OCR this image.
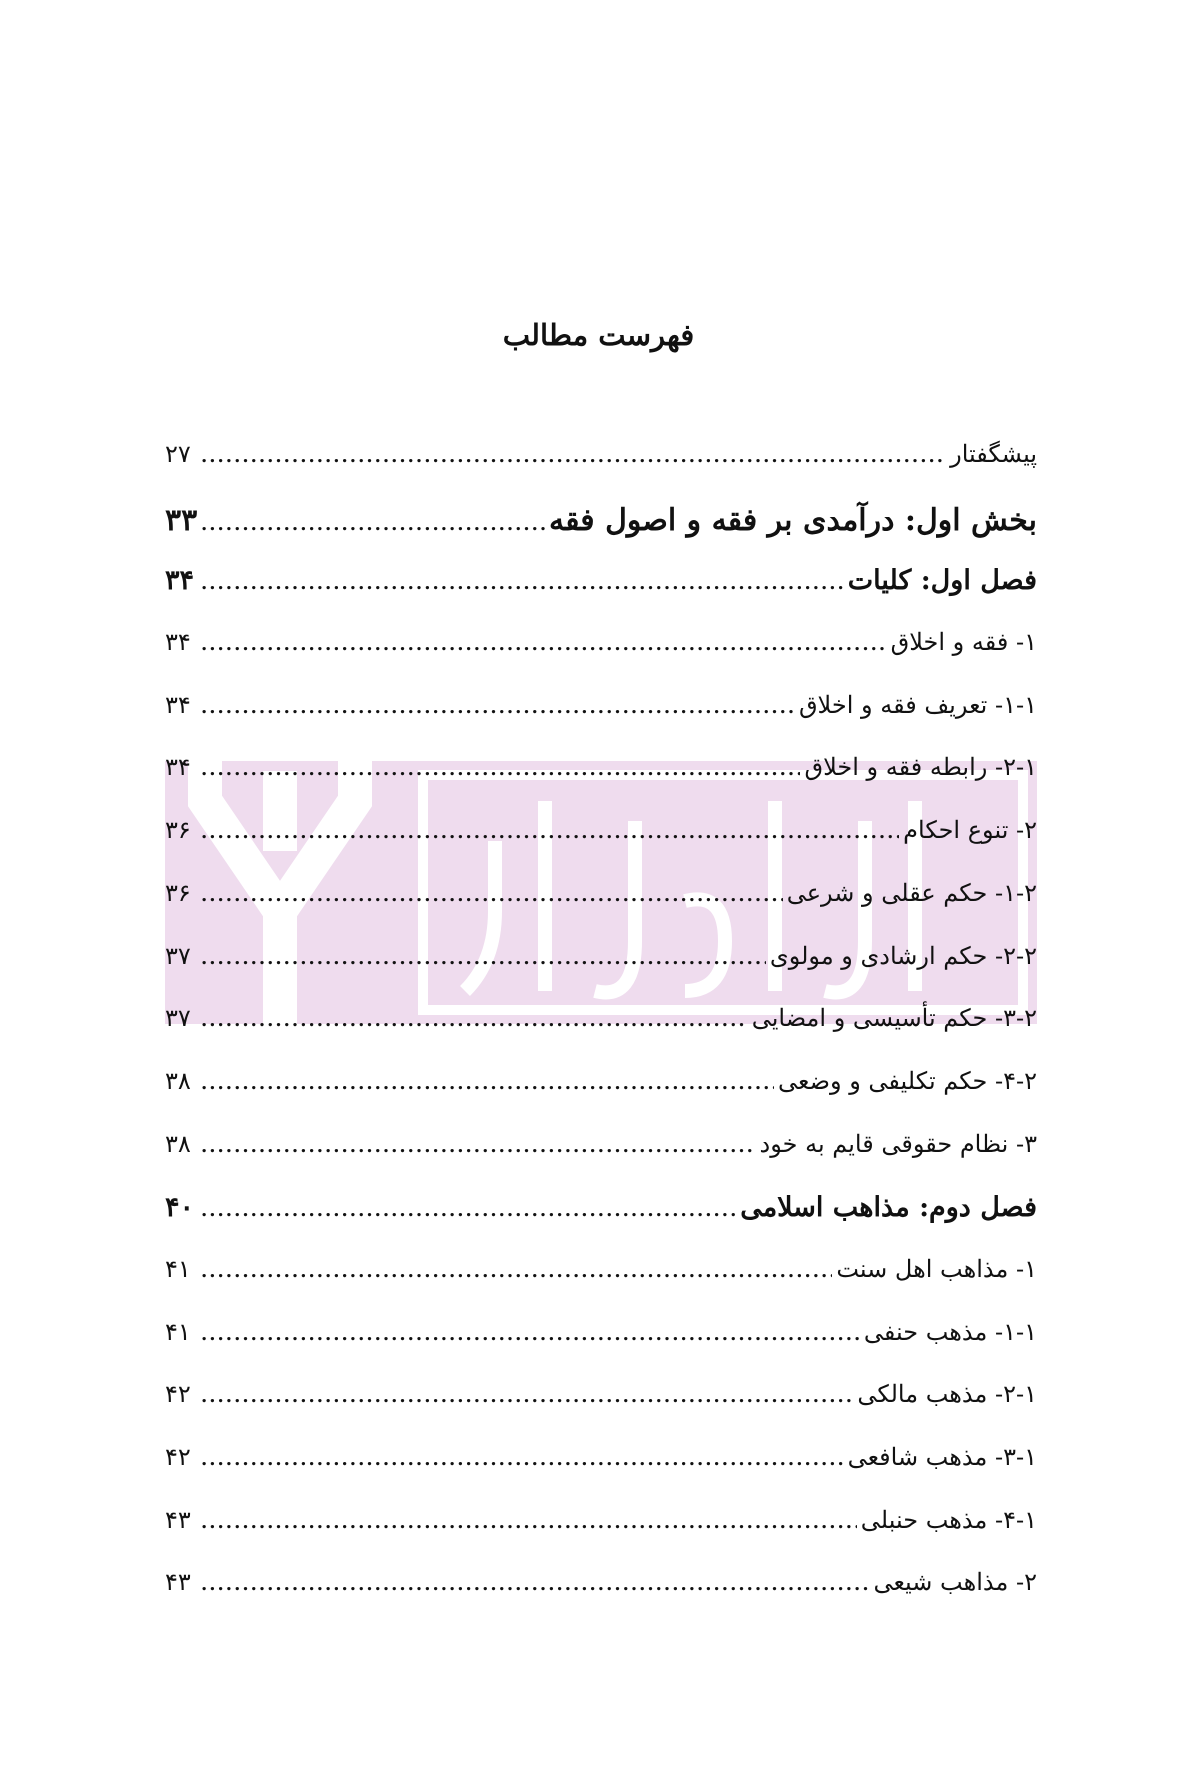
فهرست مطالب
پیشگفتار
.....
۲۷
بخش اول: درآمدی بر فقه و اصول فقه
.....
۳۳
فصل اول: کلیات
.....
۳۴
۱- فقه و اخلاق
.....
۳۴
۱-۱- تعریف فقه و اخلاق
.....
۳۴
۲-۱- رابطه فقه و اخلاق
.....
۳۴
۲- تنوع احکام
.....
۳۶
۱-۲- حکم عقلی و شرعی
.....
۳۶
۲-۲- حکم ارشادی و مولوی
.....
۳۷
۳-۲- حکم تأسیسی و امضایی
.....
۳۷
۴-۲- حکم تکلیفی و وضعی
.....
۳۸
۳- نظام حقوقی قایم به خود
.....
۳۸
فصل دوم: مذاهب اسلامی
.....
۴۰
۱- مذاهب اهل سنت
.....
۴۱
۱-۱- مذهب حنفی
.....
۴۱
۲-۱- مذهب مالکی
.....
۴۲
۳-۱- مذهب شافعی
.....
۴۲
۴-۱- مذهب حنبلی
.....
۴۳
۲- مذاهب شیعی
.....
۴۳
